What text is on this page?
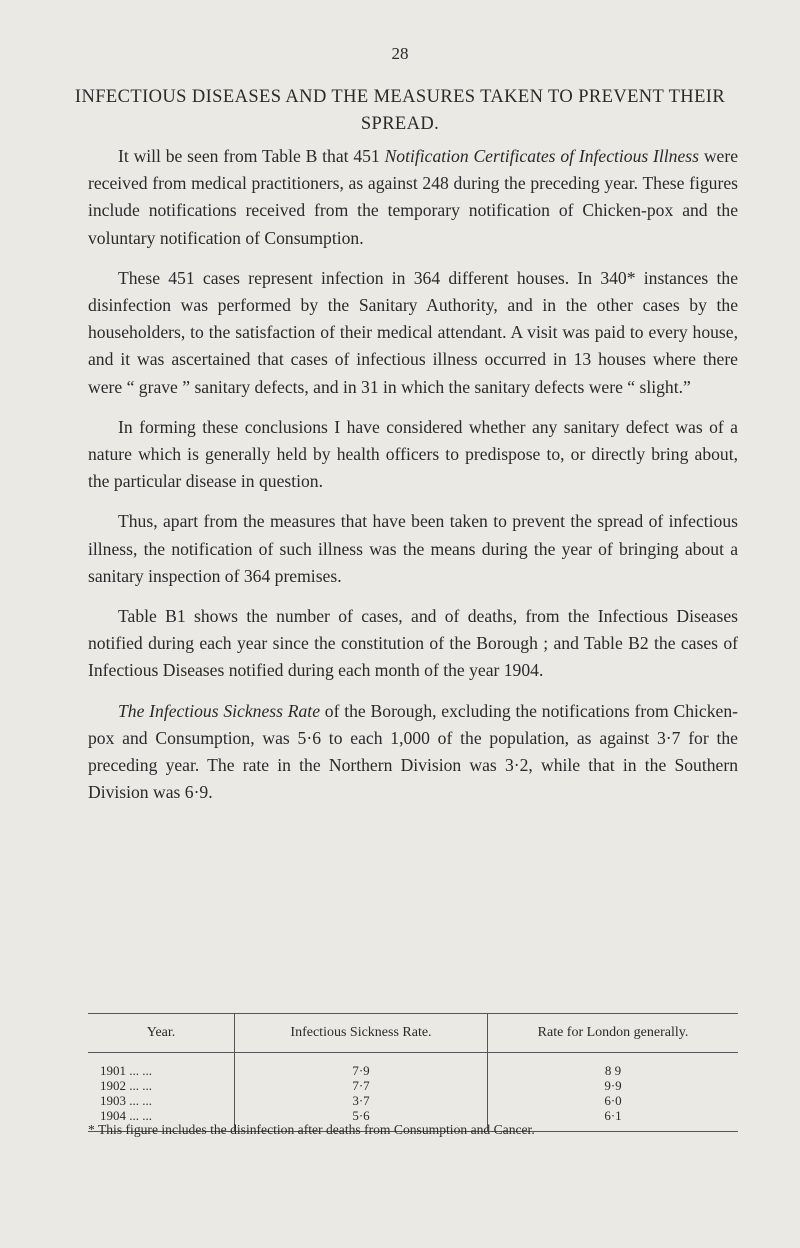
28
INFECTIOUS DISEASES AND THE MEASURES TAKEN TO PREVENT THEIR SPREAD.

It will be seen from Table B that 451 Notification Certificates of Infectious Illness were received from medical practitioners, as against 248 during the preceding year. These figures include notifications received from the temporary notification of Chicken-pox and the voluntary notification of Consumption.

These 451 cases represent infection in 364 different houses. In 340* instances the disinfection was performed by the Sanitary Authority, and in the other cases by the householders, to the satisfaction of their medical attendant. A visit was paid to every house, and it was ascertained that cases of infectious illness occurred in 13 houses where there were “ grave ” sanitary defects, and in 31 in which the sanitary defects were “ slight.”

In forming these conclusions I have considered whether any sanitary defect was of a nature which is generally held by health officers to predispose to, or directly bring about, the particular disease in question.

Thus, apart from the measures that have been taken to prevent the spread of infectious illness, the notification of such illness was the means during the year of bringing about a sanitary inspection of 364 premises.

Table B1 shows the number of cases, and of deaths, from the Infectious Diseases notified during each year since the constitution of the Borough ; and Table B2 the cases of Infectious Diseases notified during each month of the year 1904.

The Infectious Sickness Rate of the Borough, excluding the notifications from Chicken-pox and Consumption, was 5·6 to each 1,000 of the population, as against 3·7 for the preceding year. The rate in the Northern Division was 3·2, while that in the Southern Division was 6·9.

Year.	Infectious Sickness Rate.	Rate for London generally.
1901 ... ...	7·9	8 9
1902 ... ...	7·7	9·9
1903 ... ...	3·7	6·0
1904 ... ...	5·6	6·1
* This figure includes the disinfection after deaths from Consumption and Cancer.
